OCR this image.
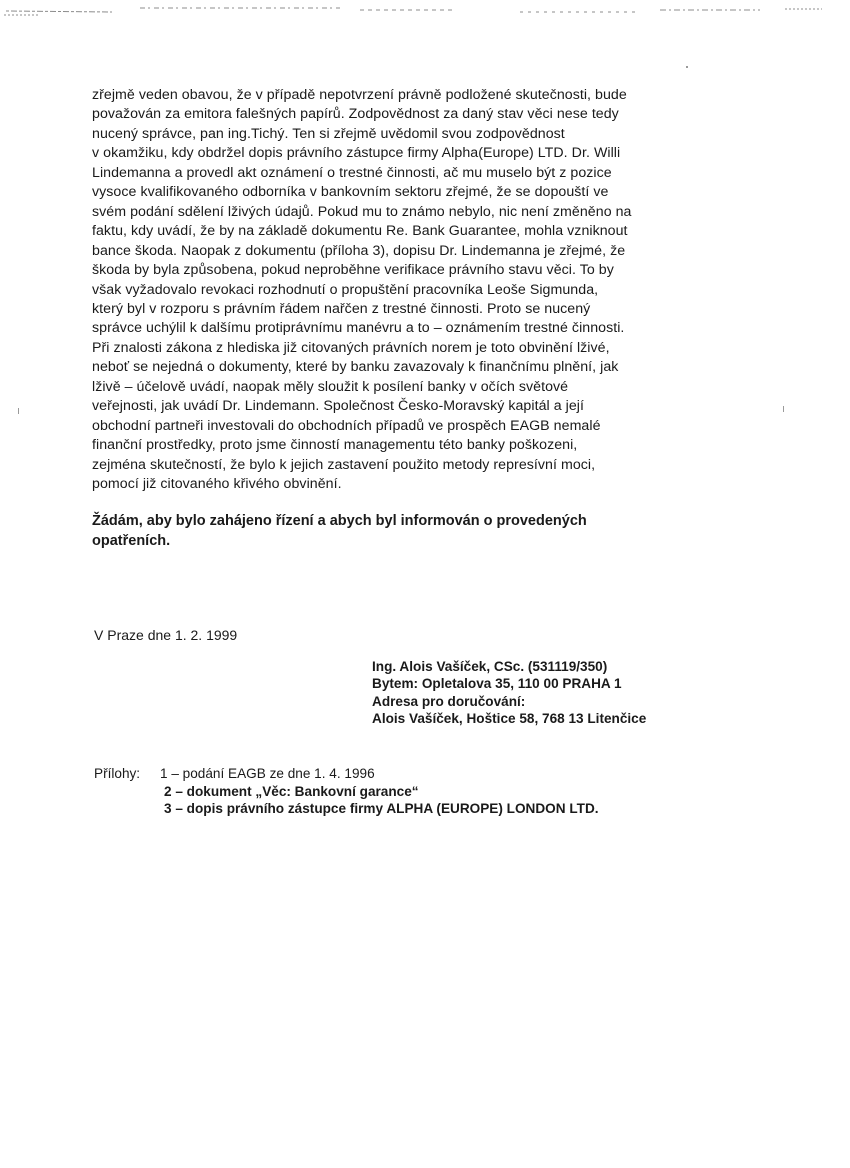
zřejmě veden obavou, že v případě nepotvrzení právně podložené skutečnosti, bude
považován za emitora falešných papírů. Zodpovědnost za daný stav věci nese tedy
nucený správce, pan ing.Tichý. Ten si zřejmě uvědomil svou zodpovědnost
v okamžiku, kdy obdržel dopis právního zástupce firmy Alpha(Europe) LTD. Dr. Willi
Lindemanna a provedl akt oznámení o trestné činnosti, ač mu muselo být z pozice
vysoce kvalifikovaného odborníka v bankovním sektoru zřejmé, že se dopouští ve
svém podání sdělení lživých údajů. Pokud mu to známo nebylo, nic není změněno na
faktu, kdy uvádí, že by na základě dokumentu Re. Bank Guarantee, mohla vzniknout
bance škoda. Naopak z dokumentu (příloha 3), dopisu Dr. Lindemanna je zřejmé, že
škoda by byla způsobena, pokud neproběhne verifikace právního stavu věci. To by
však vyžadovalo revokaci rozhodnutí o propuštění pracovníka Leoše Sigmunda,
který byl v rozporu s právním řádem nařčen z trestné činnosti. Proto se nucený
správce uchýlil k dalšímu protiprávnímu manévru a to – oznámením trestné činnosti.
Při znalosti zákona z hlediska již citovaných právních norem je toto obvinění lživé,
neboť se nejedná o dokumenty, které by banku zavazovaly k finančnímu plnění, jak
lživě – účelově uvádí, naopak měly sloužit k posílení banky v očích světové
veřejnosti, jak uvádí Dr. Lindemann. Společnost Česko-Moravský kapitál a její
obchodní partneři investovali do obchodních případů ve prospěch EAGB nemalé
finanční prostředky, proto jsme činností managementu této banky poškozeni,
zejména skutečností, že bylo k jejich zastavení použito metody represívní moci,
pomocí již citovaného křivého obvinění.
Žádám, aby bylo zahájeno řízení a abych byl informován o provedených
opatřeních.
V Praze dne 1. 2. 1999
Ing. Alois Vašíček, CSc. (531119/350)
Bytem: Opletalova 35, 110 00 PRAHA 1
Adresa pro doručování:
Alois Vašíček, Hoštice 58, 768 13 Litenčice
Přílohy: 1 – podání EAGB ze dne 1. 4. 1996
2 – dokument „Věc: Bankovní garance“
3 – dopis právního zástupce firmy ALPHA (EUROPE) LONDON LTD.
